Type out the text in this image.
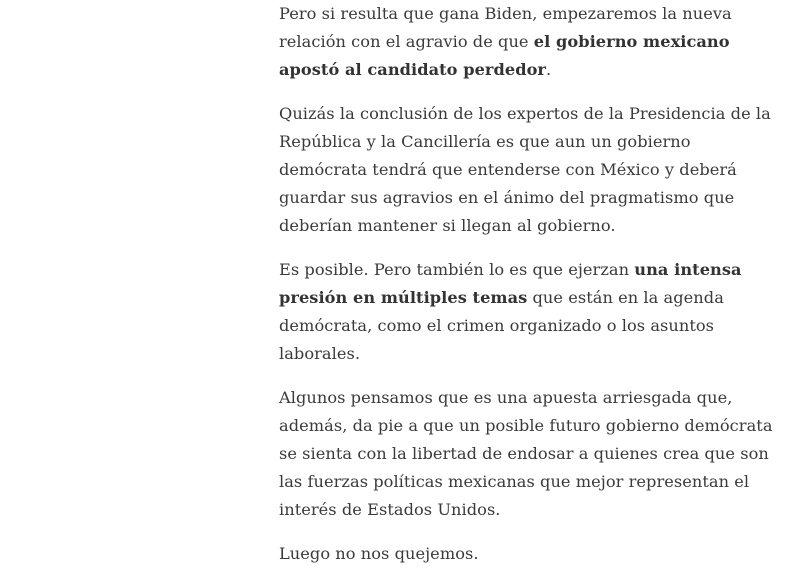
Pero si resulta que gana Biden, empezaremos la nueva relación con el agravio de que el gobierno mexicano apostó al candidato perdedor.

Quizás la conclusión de los expertos de la Presidencia de la República y la Cancillería es que aun un gobierno demócrata tendrá que entenderse con México y deberá guardar sus agravios en el ánimo del pragmatismo que deberían mantener si llegan al gobierno.

Es posible. Pero también lo es que ejerzan una intensa presión en múltiples temas que están en la agenda demócrata, como el crimen organizado o los asuntos laborales.

Algunos pensamos que es una apuesta arriesgada que, además, da pie a que un posible futuro gobierno demócrata se sienta con la libertad de endosar a quienes crea que son las fuerzas políticas mexicanas que mejor representan el interés de Estados Unidos.

Luego no nos quejemos.
